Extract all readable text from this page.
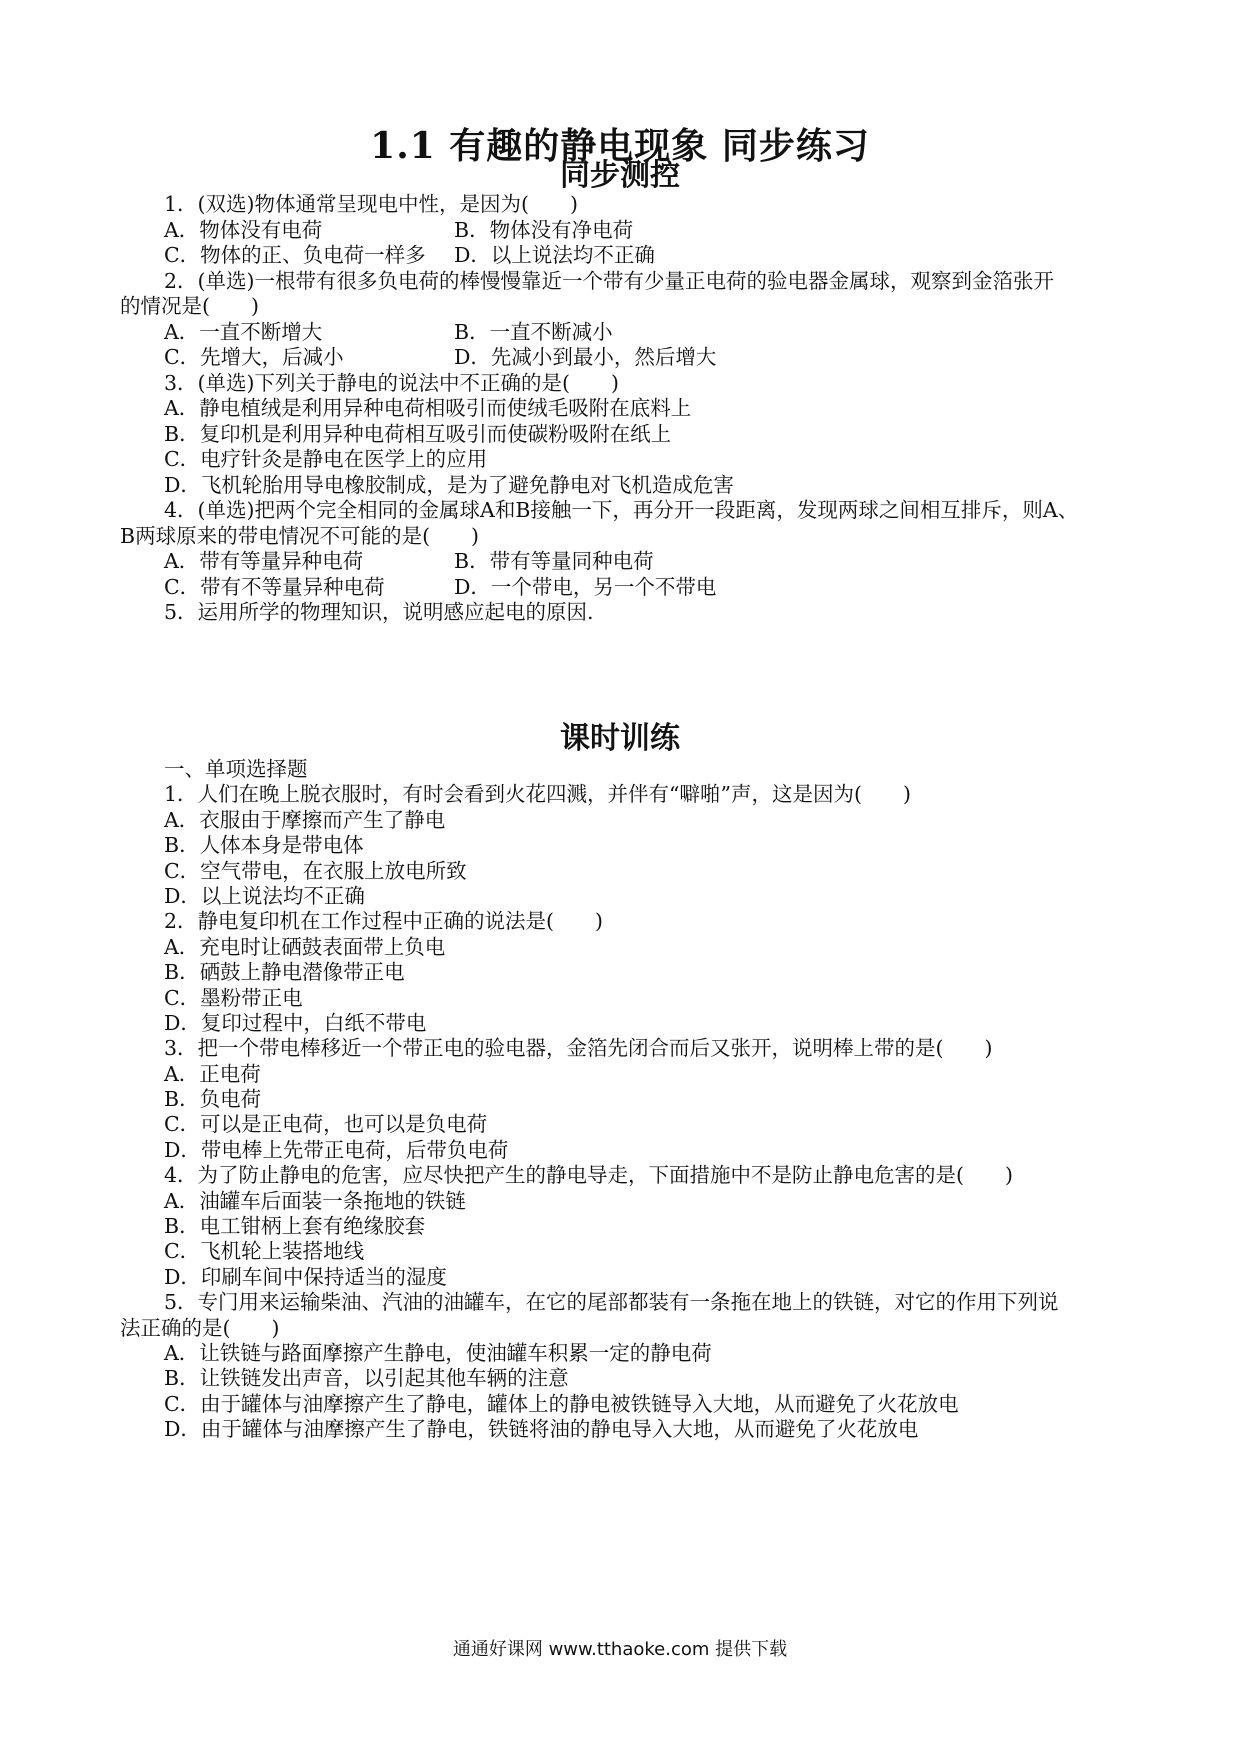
1.1 有趣的静电现象 同步练习
同步测控
1．(双选)物体通常呈现电中性，是因为(　　)
A．物体没有电荷	B．物体没有净电荷
C．物体的正、负电荷一样多	D．以上说法均不正确
2．(单选)一根带有很多负电荷的棒慢慢靠近一个带有少量正电荷的验电器金属球，观察到金箔张开
的情况是(　　)
A．一直不断增大	B．一直不断减小
C．先增大，后减小	D．先减小到最小，然后增大
3．(单选)下列关于静电的说法中不正确的是(　　)
A．静电植绒是利用异种电荷相吸引而使绒毛吸附在底料上
B．复印机是利用异种电荷相互吸引而使碳粉吸附在纸上
C．电疗针灸是静电在医学上的应用
D．飞机轮胎用导电橡胶制成，是为了避免静电对飞机造成危害
4．(单选)把两个完全相同的金属球A和B接触一下，再分开一段距离，发现两球之间相互排斥，则A、
B两球原来的带电情况不可能的是(　　)
A．带有等量异种电荷	B．带有等量同种电荷
C．带有不等量异种电荷	D．一个带电，另一个不带电
5．运用所学的物理知识，说明感应起电的原因.
课时训练
一、单项选择题
1．人们在晚上脱衣服时，有时会看到火花四溅，并伴有“噼啪”声，这是因为(　　)
A．衣服由于摩擦而产生了静电
B．人体本身是带电体
C．空气带电，在衣服上放电所致
D．以上说法均不正确
2．静电复印机在工作过程中正确的说法是(　　)
A．充电时让硒鼓表面带上负电
B．硒鼓上静电潜像带正电
C．墨粉带正电
D．复印过程中，白纸不带电
3．把一个带电棒移近一个带正电的验电器，金箔先闭合而后又张开，说明棒上带的是(　　)
A．正电荷
B．负电荷
C．可以是正电荷，也可以是负电荷
D．带电棒上先带正电荷，后带负电荷
4．为了防止静电的危害，应尽快把产生的静电导走，下面措施中不是防止静电危害的是(　　)
A．油罐车后面装一条拖地的铁链
B．电工钳柄上套有绝缘胶套
C．飞机轮上装搭地线
D．印刷车间中保持适当的湿度
5．专门用来运输柴油、汽油的油罐车，在它的尾部都装有一条拖在地上的铁链，对它的作用下列说
法正确的是(　　)
A．让铁链与路面摩擦产生静电，使油罐车积累一定的静电荷
B．让铁链发出声音，以引起其他车辆的注意
C．由于罐体与油摩擦产生了静电，罐体上的静电被铁链导入大地，从而避免了火花放电
D．由于罐体与油摩擦产生了静电，铁链将油的静电导入大地，从而避免了火花放电
通通好课网 www.tthaoke.com 提供下载
